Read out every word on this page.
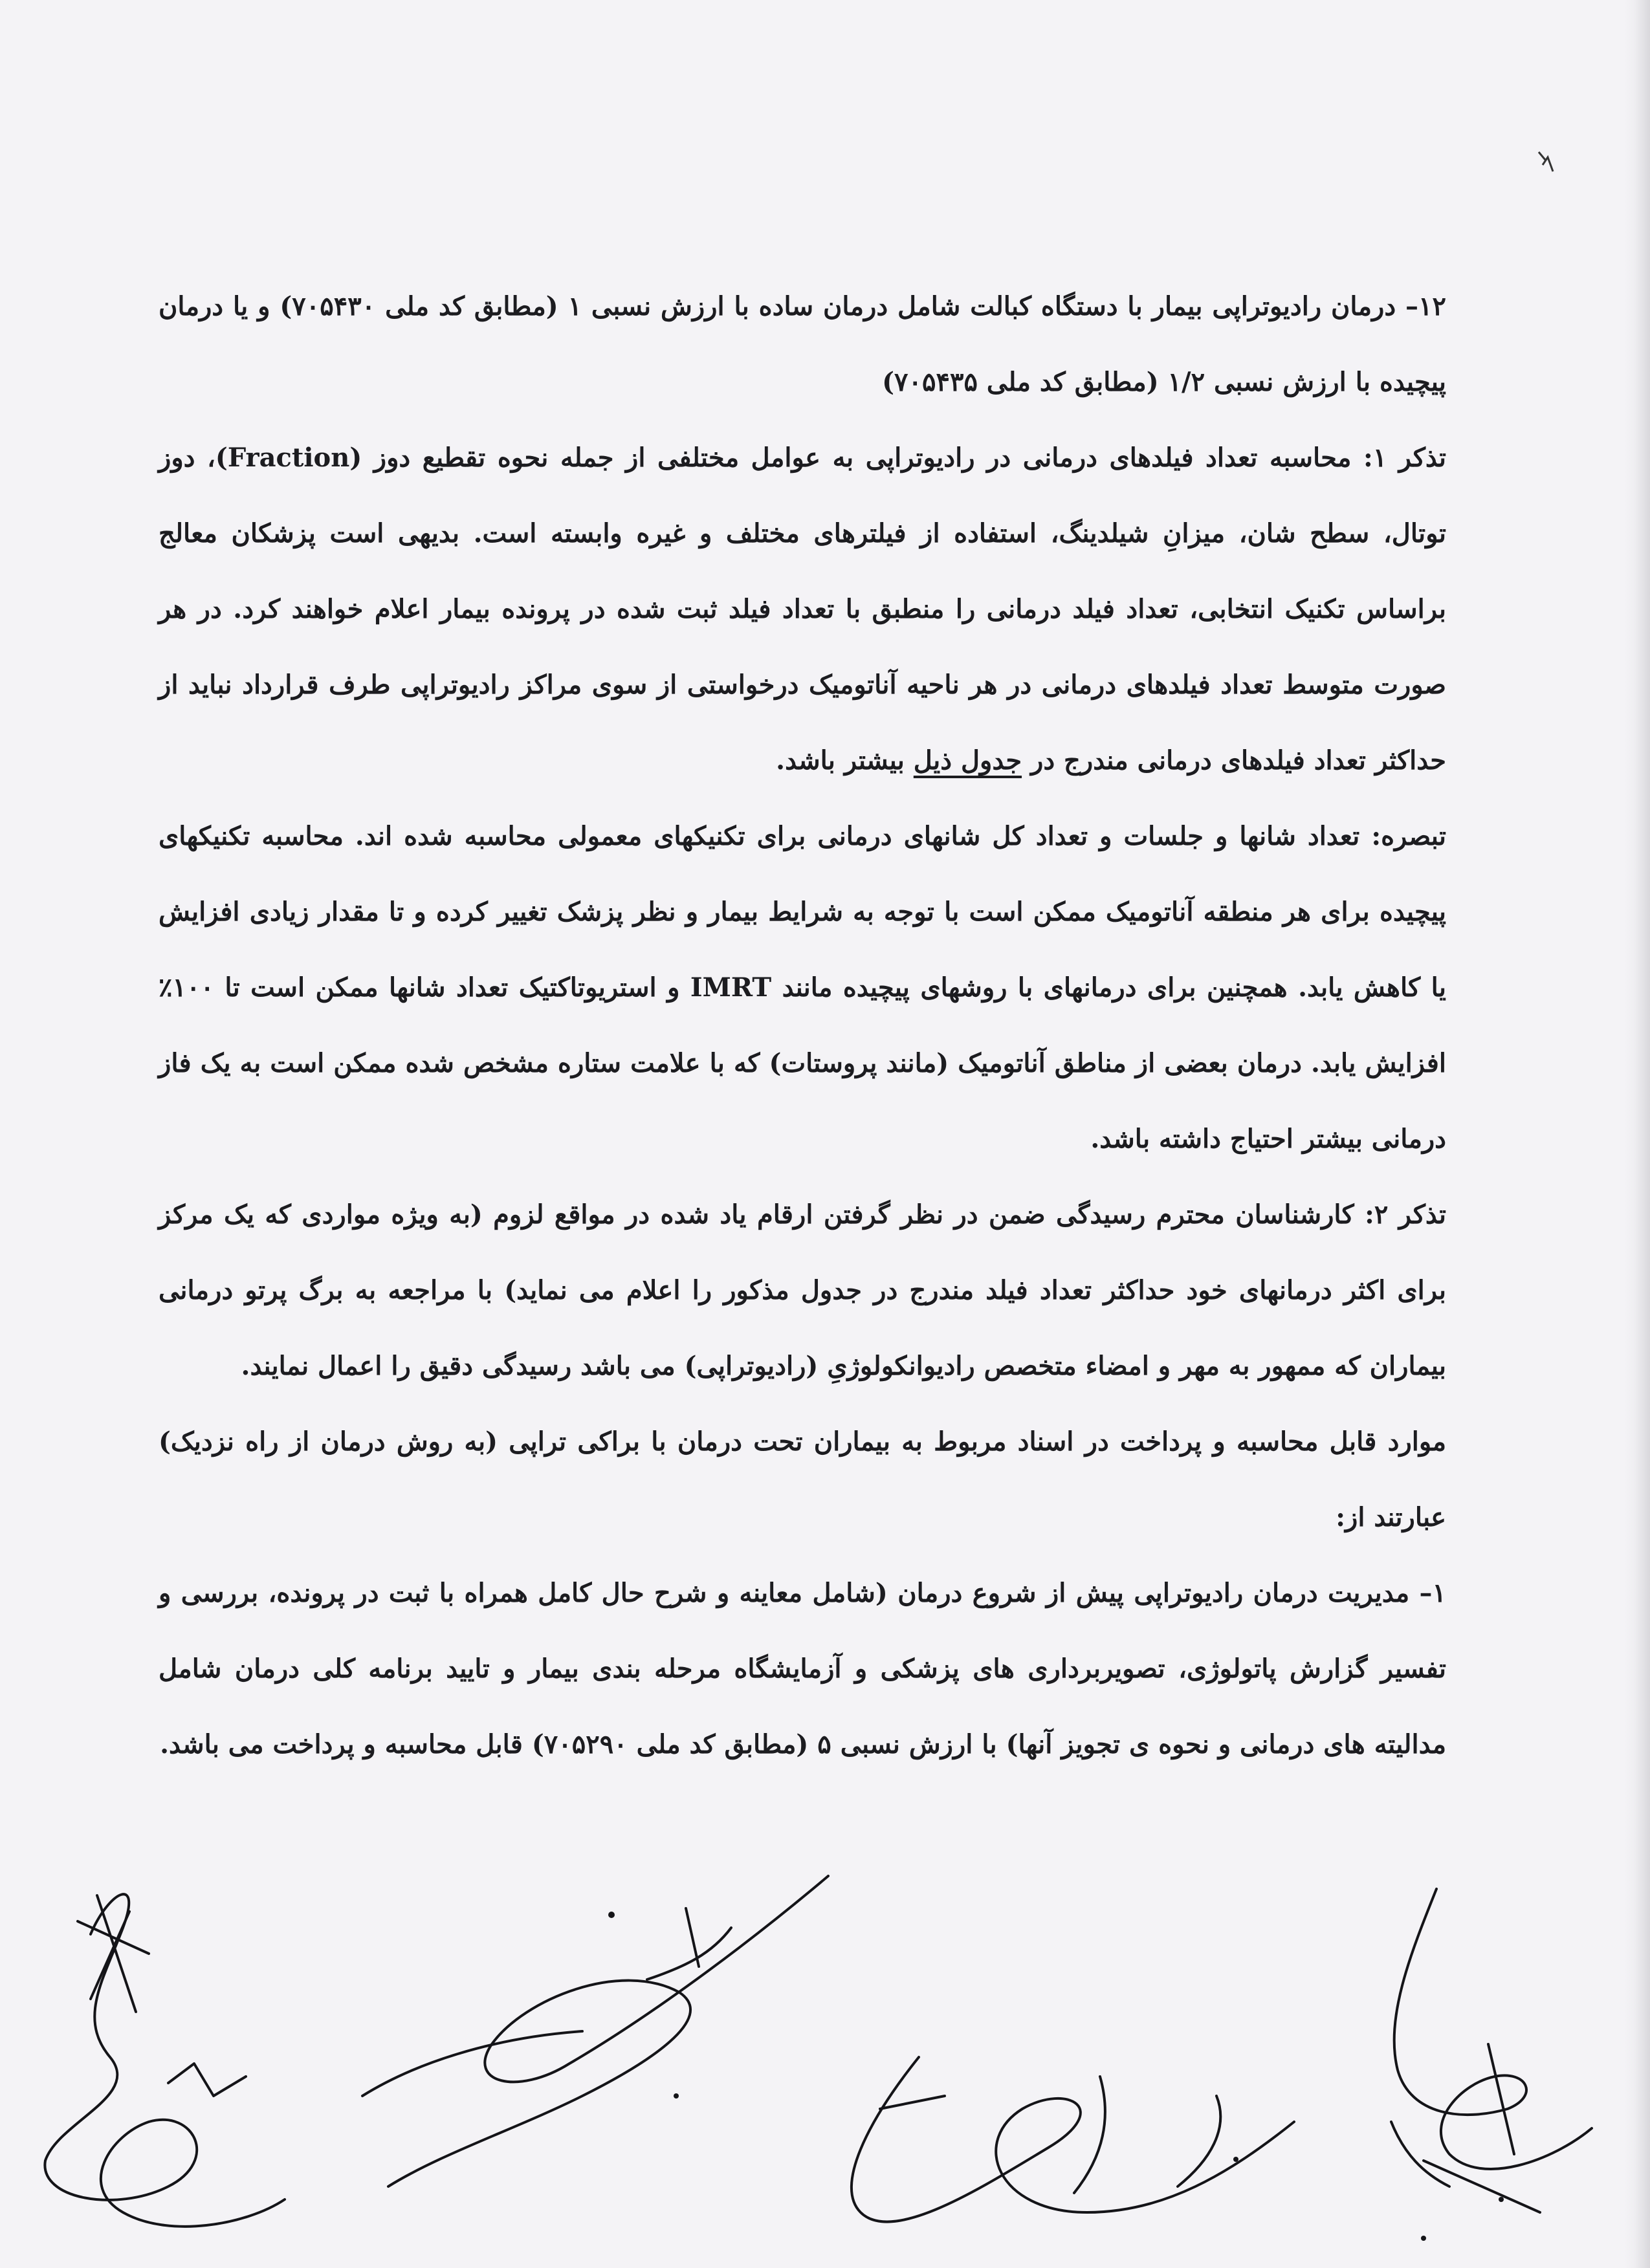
۱۲– درمان رادیوتراپی بیمار با دستگاه کبالت شامل درمان ساده با ارزش نسبی ۱ (مطابق کد ملی ۷۰۵۴۳۰) و یا درمان پیچیده با ارزش نسبی ۱/۲ (مطابق کد ملی ۷۰۵۴۳۵)

تذکر ۱: محاسبه تعداد فیلدهای درمانی در رادیوتراپی به عوامل مختلفی از جمله نحوه تقطیع دوز (Fraction)، دوز توتال، سطح شان، میزانِ شیلدینگ، استفاده از فیلترهای مختلف و غیره وابسته است. بدیهی است پزشکان معالج براساس تکنیک انتخابی، تعداد فیلد درمانی را منطبق با تعداد فیلد ثبت شده در پرونده بیمار اعلام خواهند کرد. در هر صورت متوسط تعداد فیلدهای درمانی در هر ناحیه آناتومیک درخواستی از سوی مراکز رادیوتراپی طرف قرارداد نباید از حداکثر تعداد فیلدهای درمانی مندرج در جدول ذیل بیشتر باشد.

تبصره: تعداد شانها و جلسات و تعداد کل شانهای درمانی برای تکنیکهای معمولی محاسبه شده اند. محاسبه تکنیکهای پیچیده برای هر منطقه آناتومیک ممکن است با توجه به شرایط بیمار و نظر پزشک تغییر کرده و تا مقدار زیادی افزایش یا کاهش یابد. همچنین برای درمانهای با روشهای پیچیده مانند IMRT و استریوتاکتیک تعداد شانها ممکن است تا ۱۰۰٪ افزایش یابد. درمان بعضی از مناطق آناتومیک (مانند پروستات) که با علامت ستاره مشخص شده ممکن است به یک فاز درمانی بیشتر احتیاج داشته باشد.

تذکر ۲: کارشناسان محترم رسیدگی ضمن در نظر گرفتن ارقام یاد شده در مواقع لزوم (به ویژه مواردی که یک مرکز برای اکثر درمانهای خود حداکثر تعداد فیلد مندرج در جدول مذکور را اعلام می نماید) با مراجعه به برگ پرتو درمانی بیماران که ممهور به مهر و امضاء متخصص رادیوانکولوژیِ (رادیوتراپی) می باشد رسیدگی دقیق را اعمال نمایند.

موارد قابل محاسبه و پرداخت در اسناد مربوط به بیماران تحت درمان با براکی تراپی (به روش درمان از راه نزدیک) عبارتند از:

۱– مدیریت درمان رادیوتراپی پیش از شروع درمان (شامل معاینه و شرح حال کامل همراه با ثبت در پرونده، بررسی و تفسیر گزارش پاتولوژی، تصویربرداری های پزشکی و آزمایشگاه مرحله بندی بیمار و تایید برنامه کلی درمان شامل مدالیته های درمانی و نحوه ی تجویز آنها) با ارزش نسبی ۵ (مطابق کد ملی ۷۰۵۲۹۰) قابل محاسبه و پرداخت می باشد.
